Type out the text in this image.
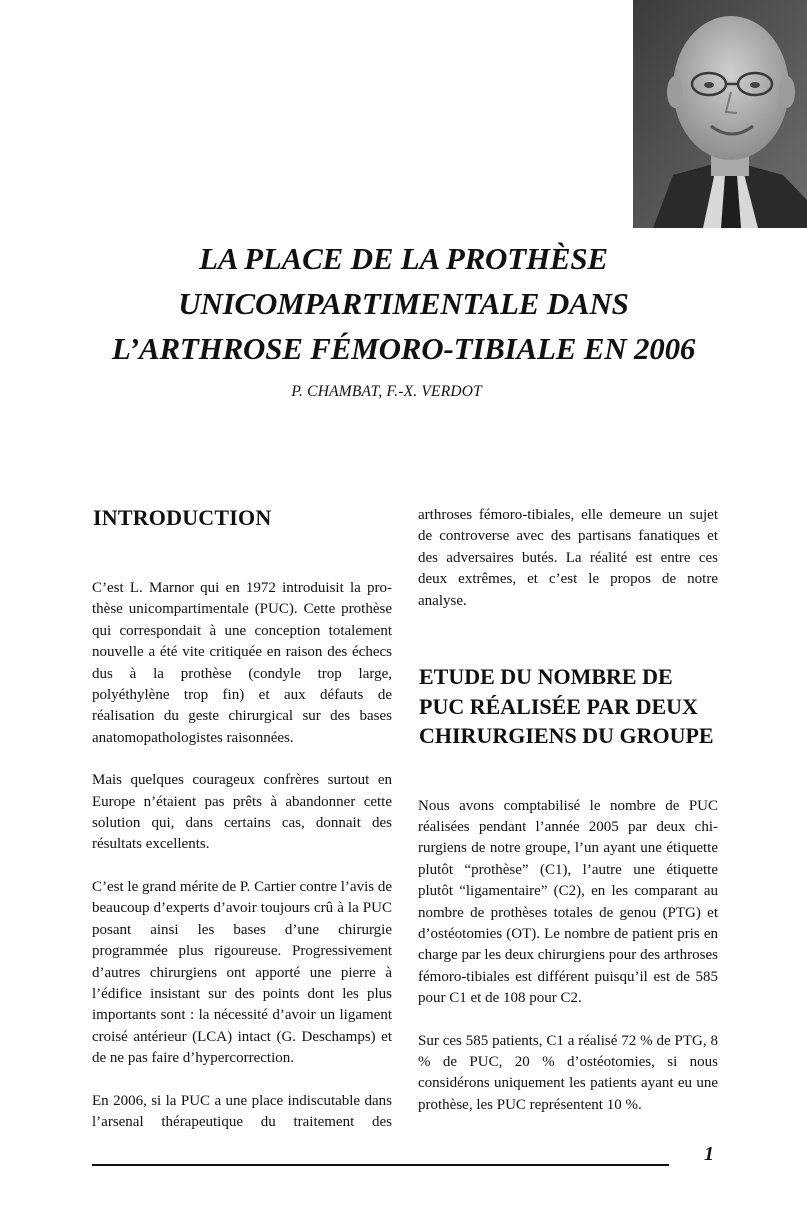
LA PLACE DE LA PROTHÈSE
UNICOMPARTIMENTALE DANS
L’ARTHROSE FÉMORO-TIBIALE EN 2006
P. CHAMBAT, F.-X. VERDOT
INTRODUCTION

C’est L. Marnor qui en 1972 introduisit la prothèse unicompartimentale (PUC). Cette prothèse qui correspondait à une conception totalement nouvelle a été vite critiquée en raison des échecs dus à la prothèse (condyle trop large, polyéthylène trop fin) et aux défauts de réalisation du geste chirurgical sur des bases anatomopathologistes raisonnées.

Mais quelques courageux confrères surtout en Europe n’étaient pas prêts à abandonner cette solution qui, dans certains cas, donnait des résultats excellents.

C’est le grand mérite de P. Cartier contre l’avis de beaucoup d’experts d’avoir toujours crû à la PUC posant ainsi les bases d’une chirurgie programmée plus rigoureuse. Progressivement d’autres chirurgiens ont apporté une pierre à l’édifice insistant sur des points dont les plus importants sont : la nécessité d’avoir un ligament croisé antérieur (LCA) intact (G. Deschamps) et de ne pas faire d’hypercorrection.

En 2006, si la PUC a une place indiscutable dans l’arsenal thérapeutique du traitement des

arthroses fémoro-tibiales, elle demeure un sujet de controverse avec des partisans fanatiques et des adversaires butés. La réalité est entre ces deux extrêmes, et c’est le propos de notre analyse.

ETUDE DU NOMBRE DE
PUC RÉALISÉE PAR DEUX
CHIRURGIENS DU GROUPE

Nous avons comptabilisé le nombre de PUC réalisées pendant l’année 2005 par deux chirurgiens de notre groupe, l’un ayant une étiquette plutôt “prothèse” (C1), l’autre une étiquette plutôt “ligamentaire” (C2), en les comparant au nombre de prothèses totales de genou (PTG) et d’ostéotomies (OT). Le nombre de patient pris en charge par les deux chirurgiens pour des arthroses fémoro-tibiales est différent puisqu’il est de 585 pour C1 et de 108 pour C2.

Sur ces 585 patients, C1 a réalisé 72 % de PTG, 8 % de PUC, 20 % d’ostéotomies, si nous considérons uniquement les patients ayant eu une prothèse, les PUC représentent 10 %.

1
